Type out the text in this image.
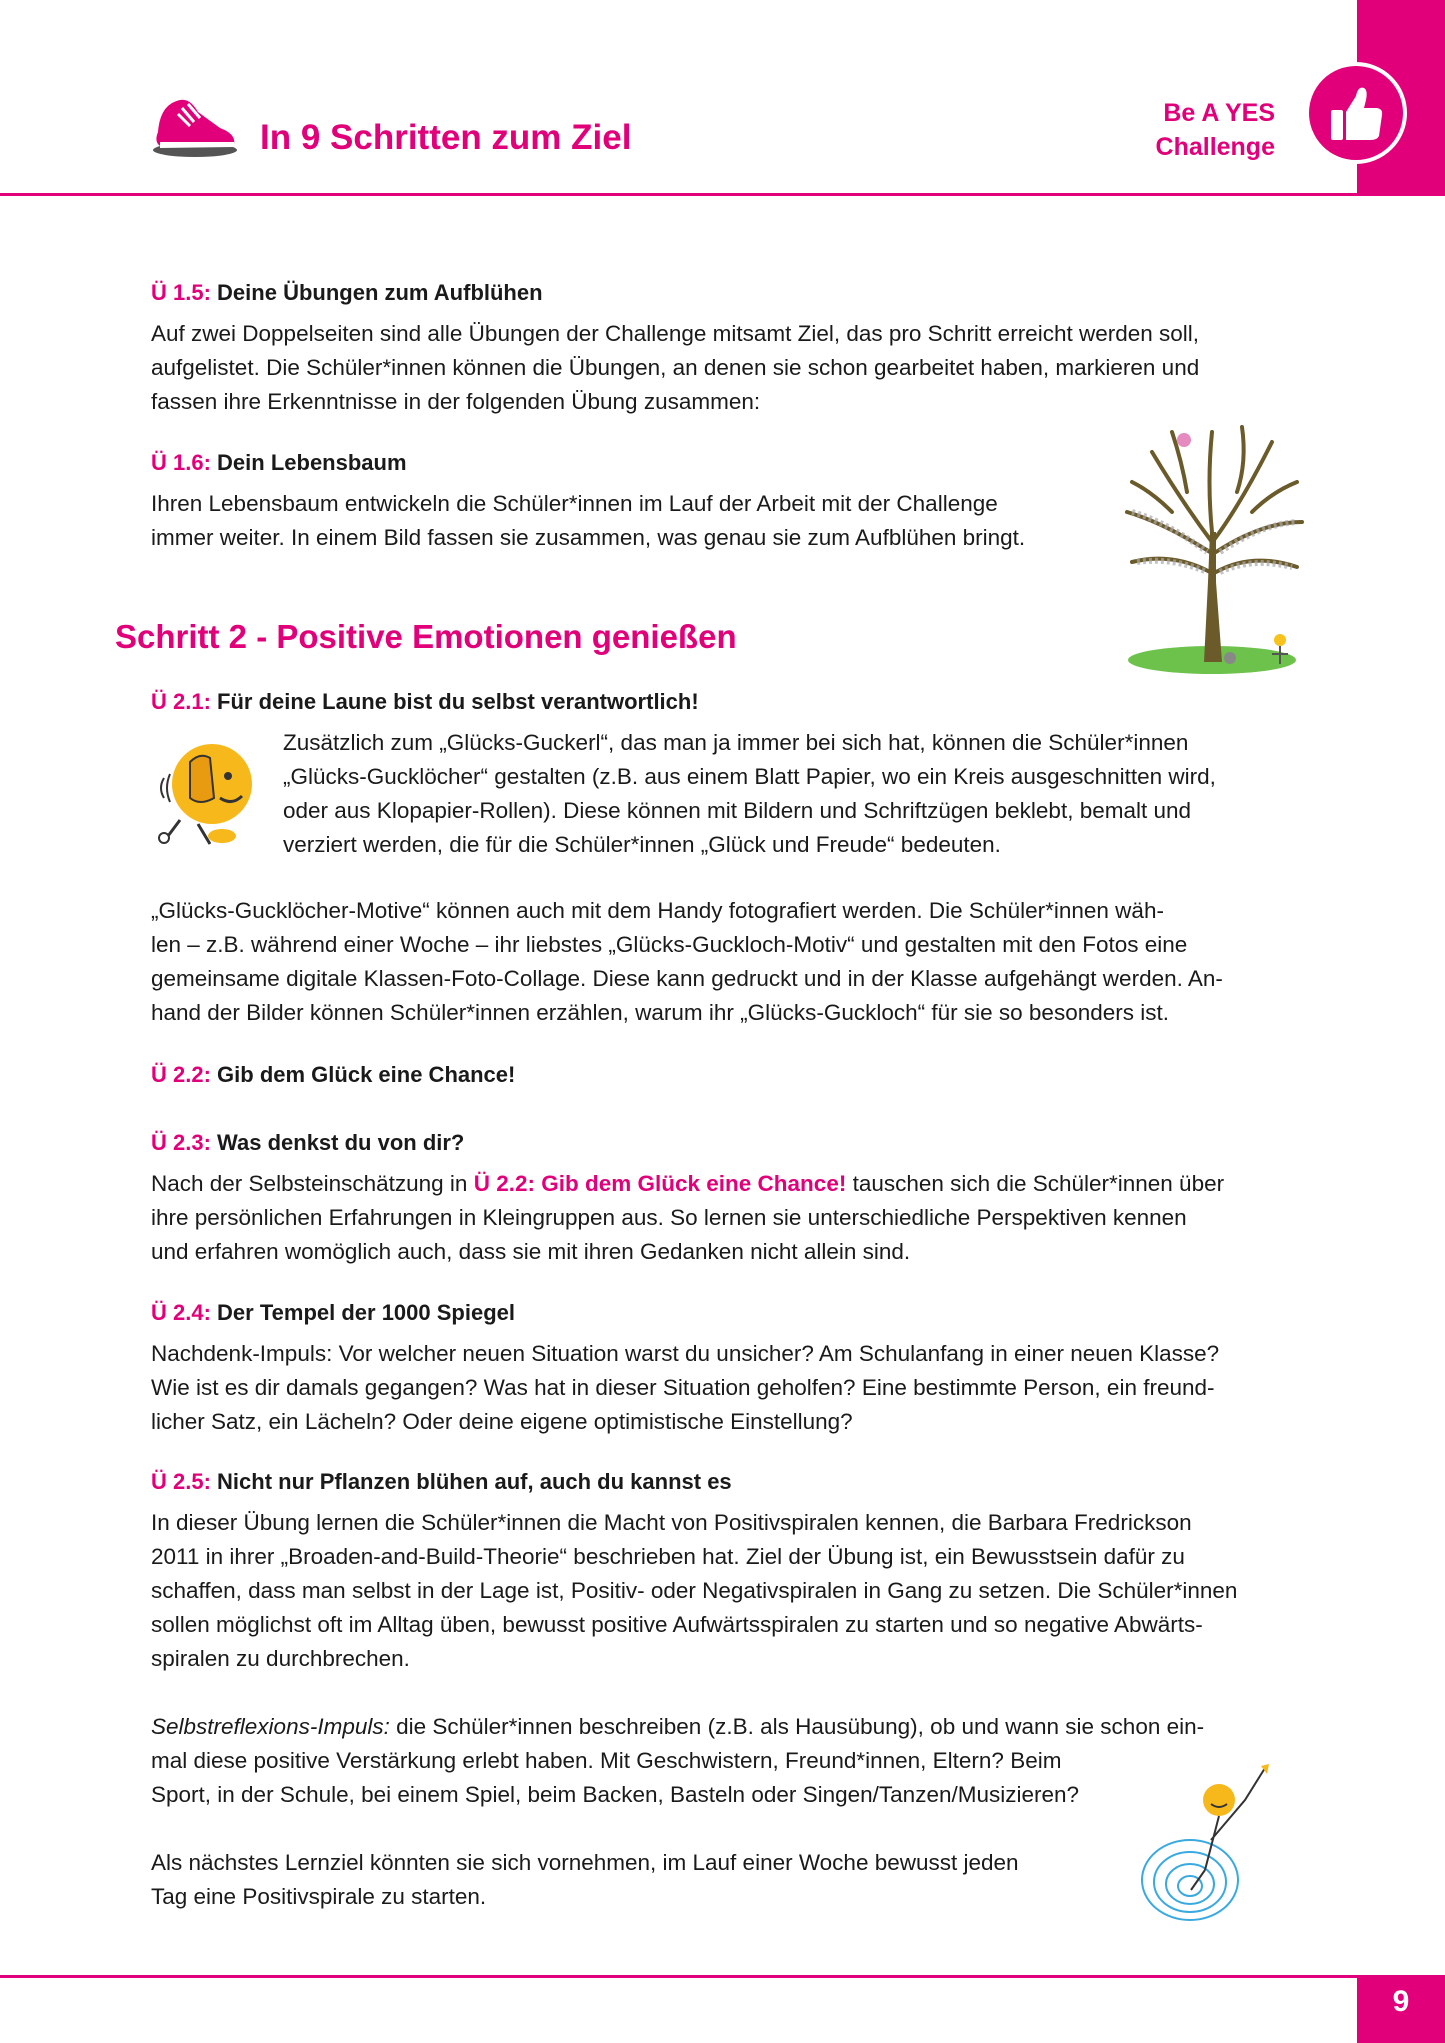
In 9 Schritten zum Ziel
Be A YES
Challenge
Ü 1.5: Deine Übungen zum Aufblühen
Auf zwei Doppelseiten sind alle Übungen der Challenge mitsamt Ziel, das pro Schritt erreicht werden soll,
aufgelistet. Die Schüler*innen können die Übungen, an denen sie schon gearbeitet haben, markieren und
fassen ihre Erkenntnisse in der folgenden Übung zusammen:
Ü 1.6: Dein Lebensbaum
Ihren Lebensbaum entwickeln die Schüler*innen im Lauf der Arbeit mit der Challenge
immer weiter. In einem Bild fassen sie zusammen, was genau sie zum Aufblühen bringt.
Schritt 2 - Positive Emotionen genießen
Ü 2.1: Für deine Laune bist du selbst verantwortlich!
Zusätzlich zum „Glücks-Guckerl“, das man ja immer bei sich hat, können die Schüler*innen
„Glücks-Gucklöcher“ gestalten (z.B. aus einem Blatt Papier, wo ein Kreis ausgeschnitten wird,
oder aus Klopapier-Rollen). Diese können mit Bildern und Schriftzügen beklebt, bemalt und
verziert werden, die für die Schüler*innen „Glück und Freude“ bedeuten.
„Glücks-Gucklöcher-Motive“ können auch mit dem Handy fotografiert werden. Die Schüler*innen wäh-
len – z.B. während einer Woche – ihr liebstes „Glücks-Guckloch-Motiv“ und gestalten mit den Fotos eine
gemeinsame digitale Klassen-Foto-Collage. Diese kann gedruckt und in der Klasse aufgehängt werden. An-
hand der Bilder können Schüler*innen erzählen, warum ihr „Glücks-Guckloch“ für sie so besonders ist.
Ü 2.2: Gib dem Glück eine Chance!
Ü 2.3: Was denkst du von dir?
Nach der Selbsteinschätzung in Ü 2.2: Gib dem Glück eine Chance! tauschen sich die Schüler*innen über
ihre persönlichen Erfahrungen in Kleingruppen aus. So lernen sie unterschiedliche Perspektiven kennen
und erfahren womöglich auch, dass sie mit ihren Gedanken nicht allein sind.
Ü 2.4: Der Tempel der 1000 Spiegel
Nachdenk-Impuls: Vor welcher neuen Situation warst du unsicher? Am Schulanfang in einer neuen Klasse?
Wie ist es dir damals gegangen? Was hat in dieser Situation geholfen? Eine bestimmte Person, ein freund-
licher Satz, ein Lächeln? Oder deine eigene optimistische Einstellung?
Ü 2.5: Nicht nur Pflanzen blühen auf, auch du kannst es
In dieser Übung lernen die Schüler*innen die Macht von Positivspiralen kennen, die Barbara Fredrickson
2011 in ihrer „Broaden-and-Build-Theorie“ beschrieben hat. Ziel der Übung ist, ein Bewusstsein dafür zu
schaffen, dass man selbst in der Lage ist, Positiv- oder Negativspiralen in Gang zu setzen. Die Schüler*innen
sollen möglichst oft im Alltag üben, bewusst positive Aufwärtsspiralen zu starten und so negative Abwärts-
spiralen zu durchbrechen.
Selbstreflexions-Impuls: die Schüler*innen beschreiben (z.B. als Hausübung), ob und wann sie schon ein-
mal diese positive Verstärkung erlebt haben. Mit Geschwistern, Freund*innen, Eltern? Beim
Sport, in der Schule, bei einem Spiel, beim Backen, Basteln oder Singen/Tanzen/Musizieren?
Als nächstes Lernziel könnten sie sich vornehmen, im Lauf einer Woche bewusst jeden
Tag eine Positivspirale zu starten.
9
